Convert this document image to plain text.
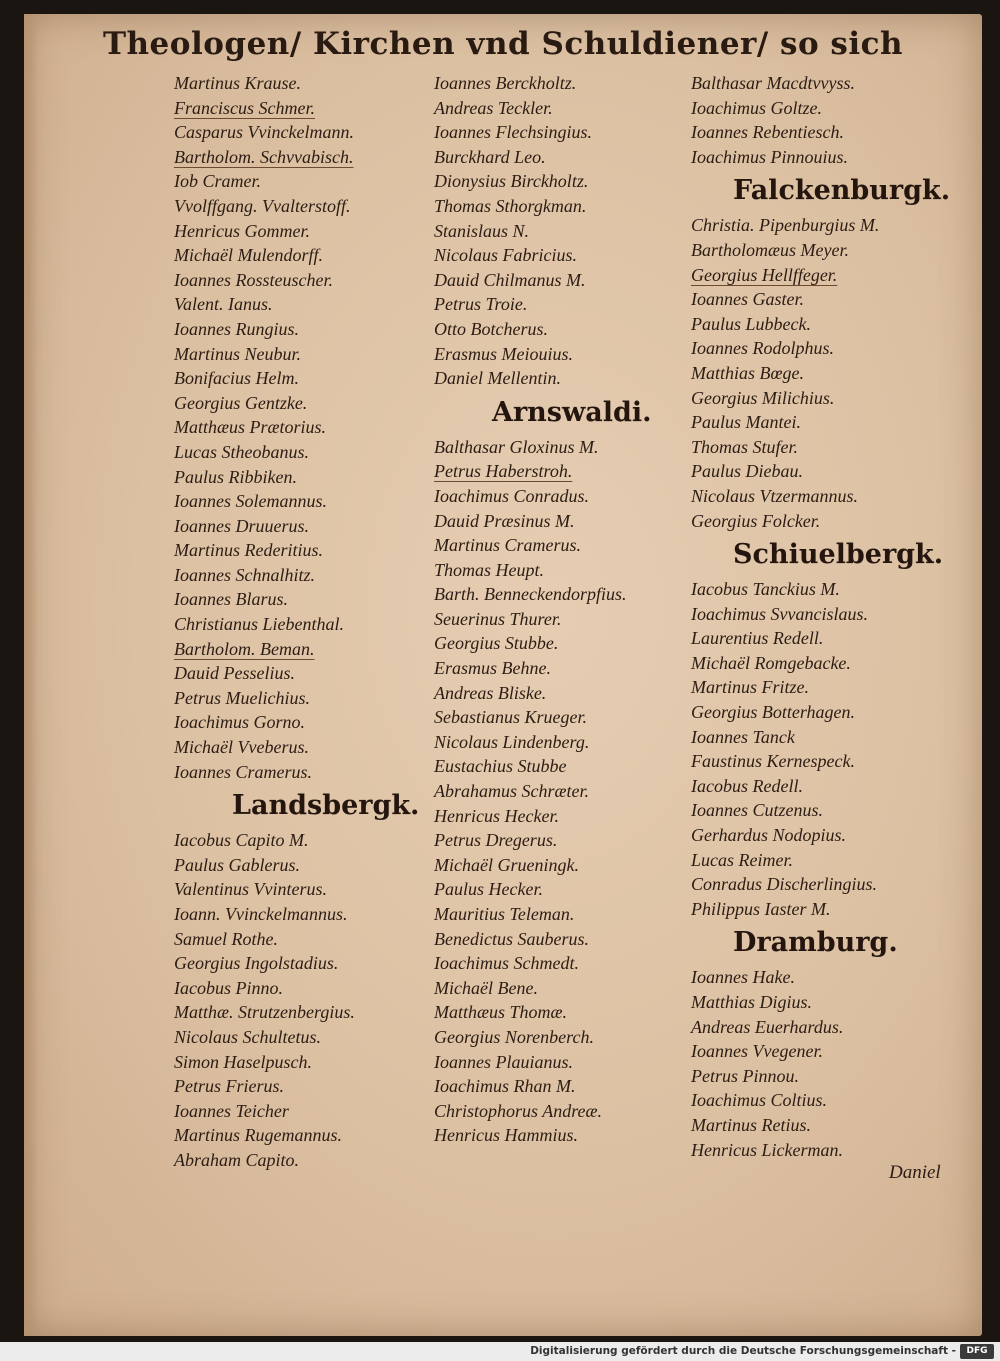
Theologen/ Kirchen vnd Schuldiener/ so sich
Martinus Krause.
Franciscus Schmer.
Casparus Vvinckelmann.
Bartholom. Schvvabisch.
Iob Cramer.
Vvolffgang. Vvalterstoff.
Henricus Gommer.
Michaël Mulendorff.
Ioannes Rossteuscher.
Valent. Ianus.
Ioannes Rungius.
Martinus Neubur.
Bonifacius Helm.
Georgius Gentzke.
Matthæus Prætorius.
Lucas Stheobanus.
Paulus Ribbiken.
Ioannes Solemannus.
Ioannes Druuerus.
Martinus Rederitius.
Ioannes Schnalhitz.
Ioannes Blarus.
Christianus Liebenthal.
Bartholom. Beman.
Dauid Pesselius.
Petrus Muelichius.
Ioachimus Gorno.
Michaël Vveberus.
Ioannes Cramerus.
Landsbergk.
Iacobus Capito M.
Paulus Gablerus.
Valentinus Vvinterus.
Ioann. Vvinckelmannus.
Samuel Rothe.
Georgius Ingolstadius.
Iacobus Pinno.
Matthæ. Strutzenbergius.
Nicolaus Schultetus.
Simon Haselpusch.
Petrus Frierus.
Ioannes Teicher
Martinus Rugemannus.
Abraham Capito.
Ioannes Berckholtz.
Andreas Teckler.
Ioannes Flechsingius.
Burckhard Leo.
Dionysius Birckholtz.
Thomas Sthorgkman.
Stanislaus N.
Nicolaus Fabricius.
Dauid Chilmanus M.
Petrus Troie.
Otto Botcherus.
Erasmus Meiouius.
Daniel Mellentin.
Arnswaldi.
Balthasar Gloxinus M.
Petrus Haberstroh.
Ioachimus Conradus.
Dauid Præsinus M.
Martinus Cramerus.
Thomas Heupt.
Barth. Benneckendorpfius.
Seuerinus Thurer.
Georgius Stubbe.
Erasmus Behne.
Andreas Bliske.
Sebastianus Krueger.
Nicolaus Lindenberg.
Eustachius Stubbe
Abrahamus Schræter.
Henricus Hecker.
Petrus Dregerus.
Michaël Grueningk.
Paulus Hecker.
Mauritius Teleman.
Benedictus Sauberus.
Ioachimus Schmedt.
Michaël Bene.
Matthæus Thomæ.
Georgius Norenberch.
Ioannes Plauianus.
Ioachimus Rhan M.
Christophorus Andreæ.
Henricus Hammius.
Balthasar Macdtvvyss.
Ioachimus Goltze.
Ioannes Rebentiesch.
Ioachimus Pinnouius.
Falckenburgk.
Christia. Pipenburgius M.
Bartholomæus Meyer.
Georgius Hellffeger.
Ioannes Gaster.
Paulus Lubbeck.
Ioannes Rodolphus.
Matthias Bœge.
Georgius Milichius.
Paulus Mantei.
Thomas Stufer.
Paulus Diebau.
Nicolaus Vtzermannus.
Georgius Folcker.
Schiuelbergk.
Iacobus Tanckius M.
Ioachimus Svvancislaus.
Laurentius Redell.
Michaël Romgebacke.
Martinus Fritze.
Georgius Botterhagen.
Ioannes Tanck
Faustinus Kernespeck.
Iacobus Redell.
Ioannes Cutzenus.
Gerhardus Nodopius.
Lucas Reimer.
Conradus Discherlingius.
Philippus Iaster M.
Dramburg.
Ioannes Hake.
Matthias Digius.
Andreas Euerhardus.
Ioannes Vvegener.
Petrus Pinnou.
Ioachimus Coltius.
Martinus Retius.
Henricus Lickerman.
Daniel
Digitalisierung gefördert durch die Deutsche Forschungsgemeinschaft -	DFG
